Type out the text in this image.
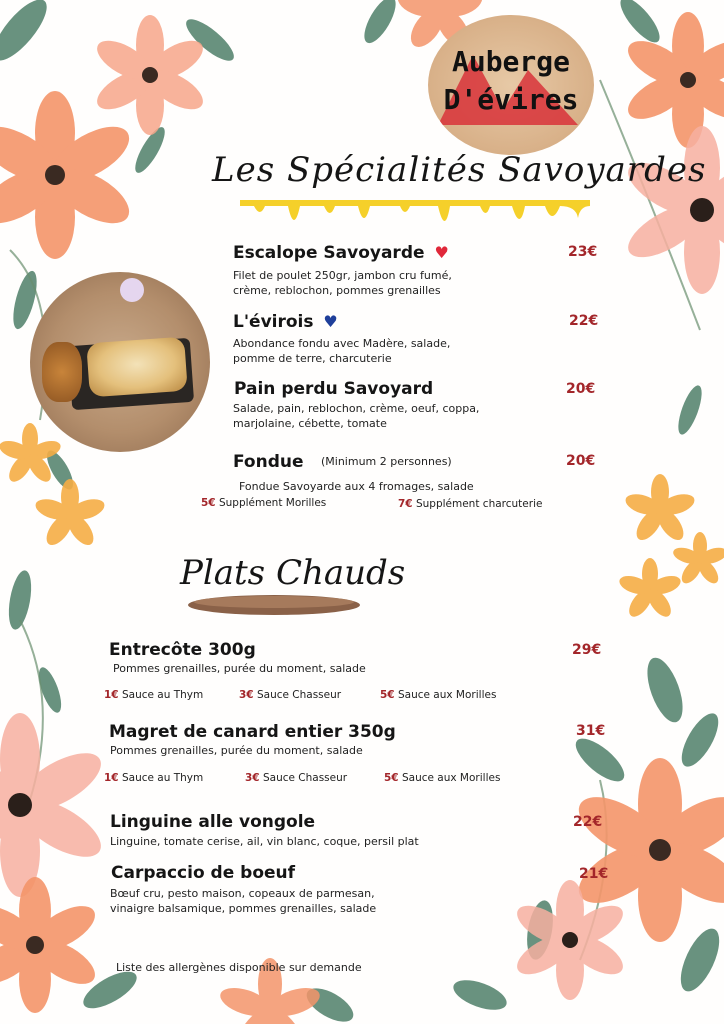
Auberge
D'évires
Les Spécialités Savoyardes
Escalope Savoyarde ♥	23€
Filet de poulet 250gr, jambon cru fumé,
crème, reblochon, pommes grenailles
L'évirois ♥	22€
Abondance fondu avec Madère, salade,
pomme de terre, charcuterie
Pain perdu Savoyard	20€
Salade, pain, reblochon, crème, oeuf, coppa,
marjolaine, cébette, tomate
Fondue (Minimum 2 personnes)	20€
Fondue Savoyarde aux 4 fromages, salade
5€ Supplément Morilles	7€ Supplément charcuterie
Plats Chauds
Entrecôte 300g	29€
Pommes grenailles, purée du moment, salade
1€ Sauce au Thym	3€ Sauce Chasseur	5€ Sauce aux Morilles
Magret de canard entier 350g	31€
Pommes grenailles, purée du moment, salade
1€ Sauce au Thym	3€ Sauce Chasseur	5€ Sauce aux Morilles
Linguine alle vongole	22€
Linguine, tomate cerise, ail, vin blanc, coque, persil plat
Carpaccio de boeuf	21€
Bœuf cru, pesto maison, copeaux de parmesan,
vinaigre balsamique, pommes grenailles, salade
Liste des allergènes disponible sur demande
